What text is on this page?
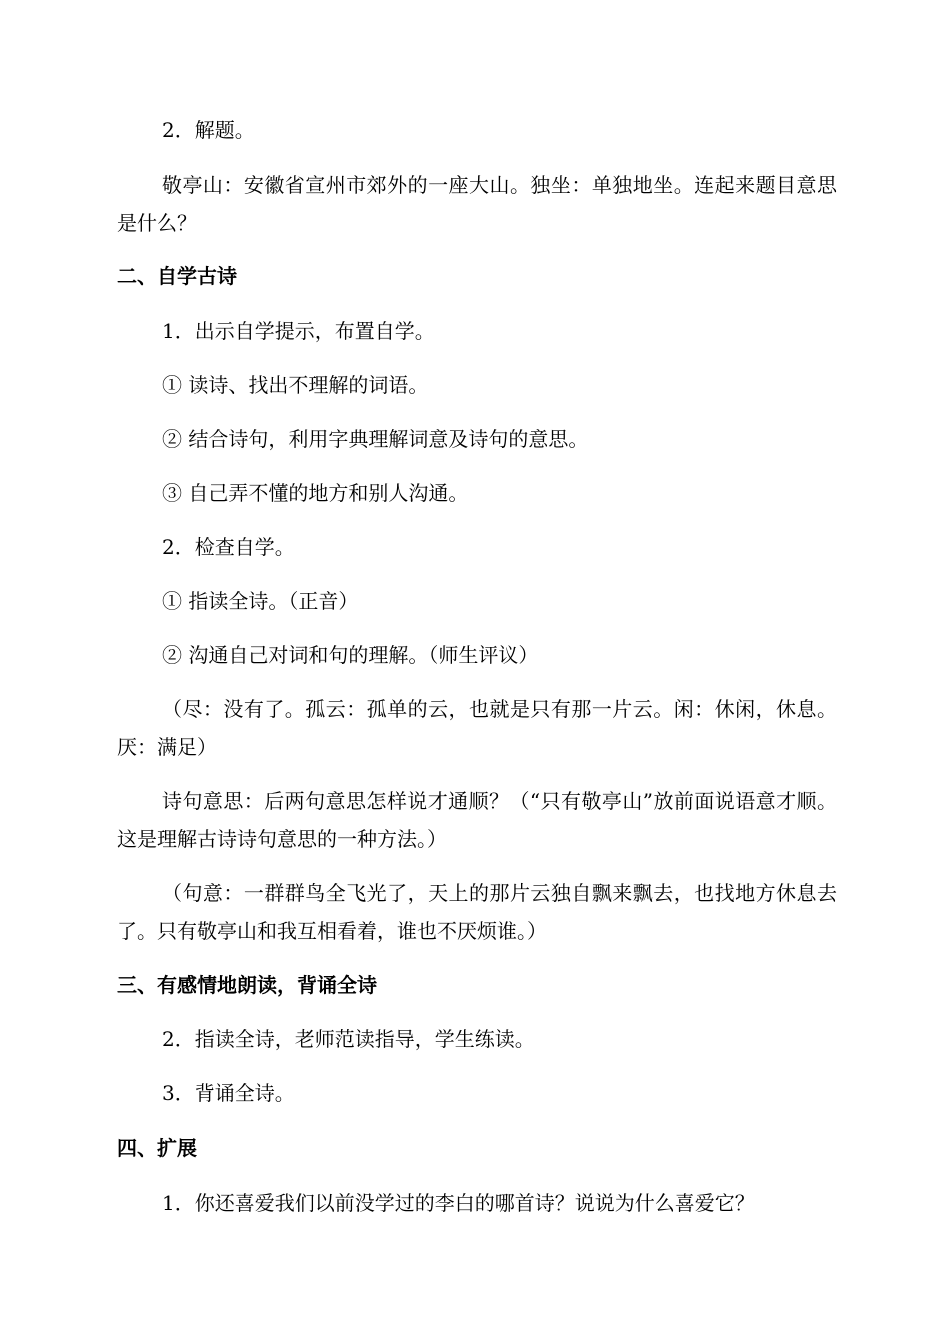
2．解题。
敬亭山：安徽省宣州市郊外的一座大山。独坐：单独地坐。连起来题目意思是什么？
二、自学古诗
1．出示自学提示，布置自学。
① 读诗、找出不理解的词语。
② 结合诗句，利用字典理解词意及诗句的意思。
③ 自己弄不懂的地方和别人沟通。
2．检查自学。
① 指读全诗。（正音）
② 沟通自己对词和句的理解。（师生评议）
（尽：没有了。孤云：孤单的云，也就是只有那一片云。闲：休闲，休息。厌：满足）
诗句意思：后两句意思怎样说才通顺？（“只有敬亭山”放前面说语意才顺。这是理解古诗诗句意思的一种方法。）
（句意：一群群鸟全飞光了，天上的那片云独自飘来飘去，也找地方休息去了。只有敬亭山和我互相看着，谁也不厌烦谁。）
三、有感情地朗读，背诵全诗
2．指读全诗，老师范读指导，学生练读。
3．背诵全诗。
四、扩展
1．你还喜爱我们以前没学过的李白的哪首诗？说说为什么喜爱它？
